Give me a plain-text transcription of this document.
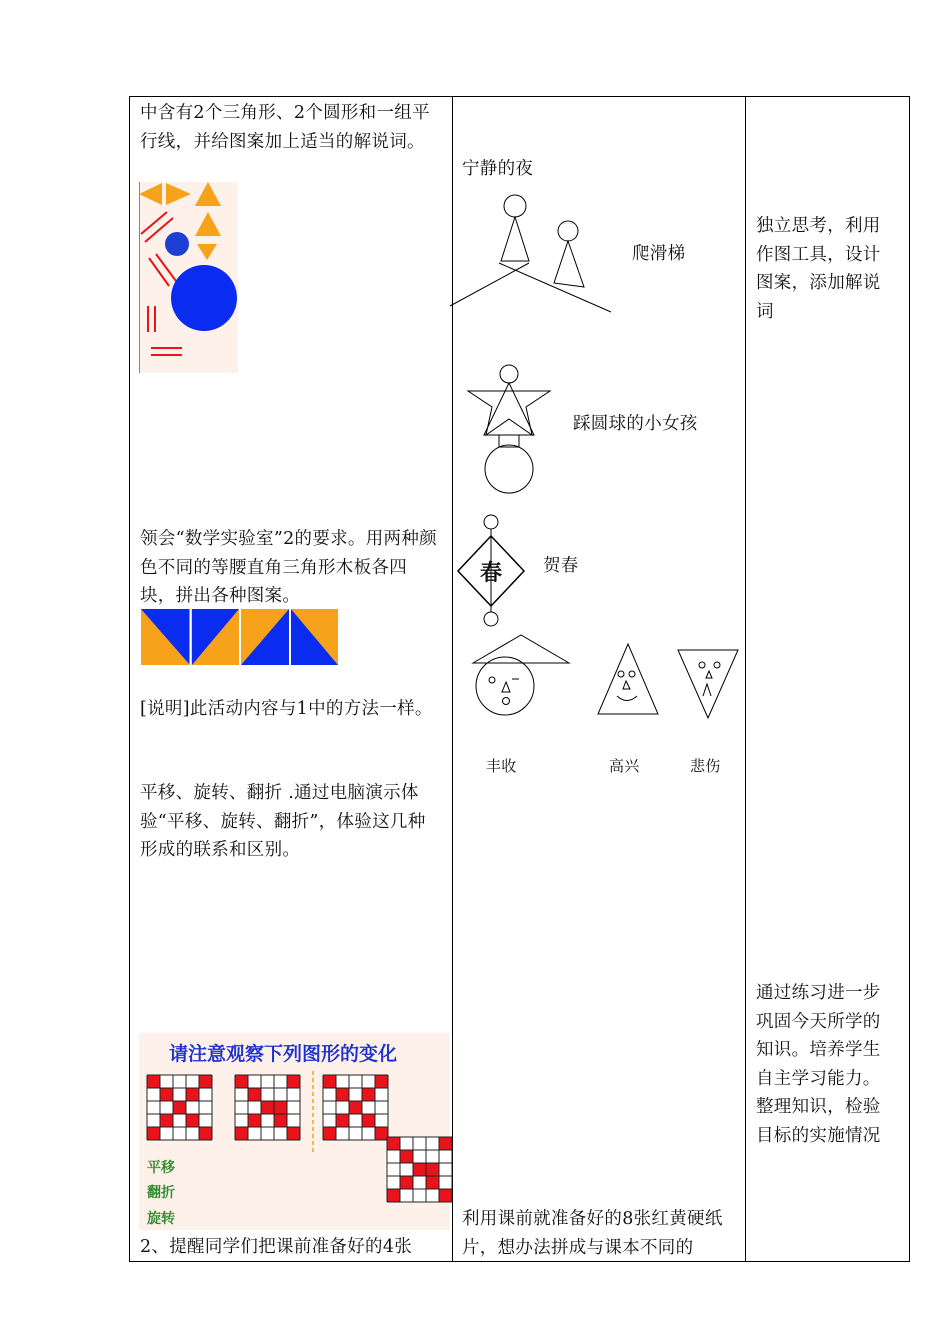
中含有2个三角形、2个圆形和一组平行线，并给图案加上适当的解说词。
领会“数学实验室”2的要求。用两种颜色不同的等腰直角三角形木板各四块，拼出各种图案。
[说明]此活动内容与1中的方法一样。
平移、旋转、翻折 .通过电脑演示体验“平移、旋转、翻折”，体验这几种形成的联系和区别。
请注意观察下列图形的变化
平移
翻折
旋转
2、提醒同学们把课前准备好的4张
宁静的夜
爬滑梯
踩圆球的小女孩
春 贺春
丰收	高兴	悲伤
利用课前就准备好的8张红黄硬纸片，想办法拼成与课本不同的
独立思考，利用作图工具，设计图案，添加解说词
通过练习进一步巩固今天所学的知识。培养学生自主学习能力。整理知识，检验目标的实施情况
